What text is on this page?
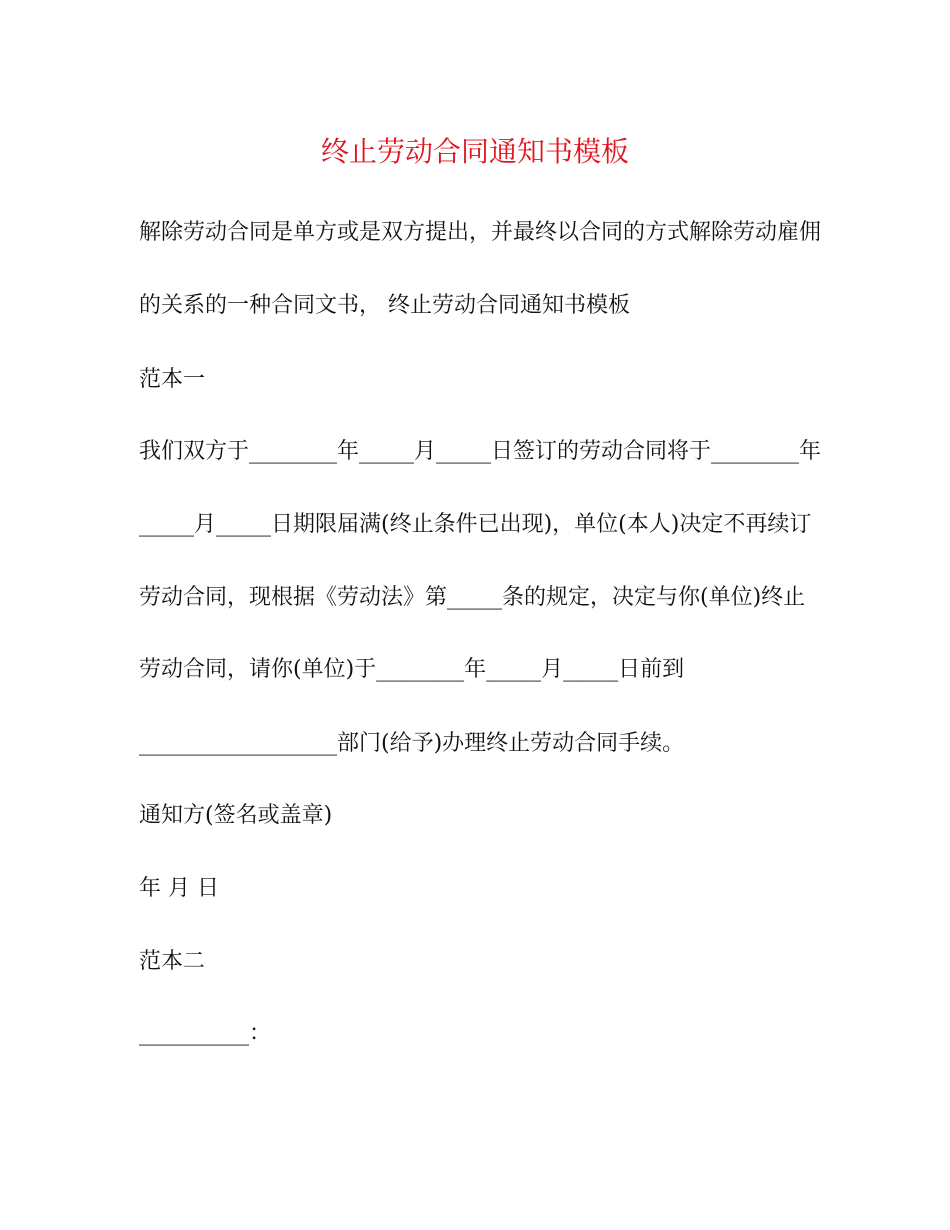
终止劳动合同通知书模板
解除劳动合同是单方或是双方提出，并最终以合同的方式解除劳动雇佣
的关系的一种合同文书， 终止劳动合同通知书模板
范本一
我们双方于________年_____月_____日签订的劳动合同将于________年
_____月_____日期限届满(终止条件已出现)，单位(本人)决定不再续订
劳动合同，现根据《劳动法》第_____条的规定，决定与你(单位)终止
劳动合同，请你(单位)于________年_____月_____日前到
__________________部门(给予)办理终止劳动合同手续。
通知方(签名或盖章)
年 月 日
范本二
__________：
